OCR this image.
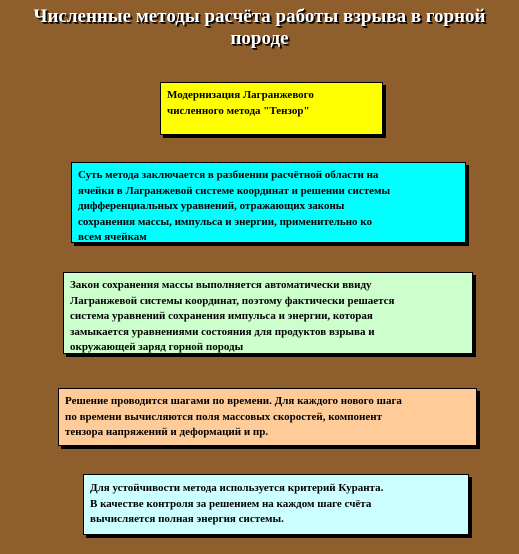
Численные методы расчёта работы взрыва в горной
породе
Модернизация Лагранжевого
численного метода "Тензор"
Суть метода заключается в разбиении расчётной области на
ячейки в Лагранжевой системе координат и решении системы
дифференциальных уравнений, отражающих законы
сохранения массы, импульса и энергии, применительно ко
всем ячейкам
Закон сохранения массы выполняется автоматически ввиду
Лагранжевой системы координат, поэтому фактически решается
система уравнений сохранения импульса и энергии, которая
замыкается уравнениями состояния для продуктов взрыва и
окружающей заряд горной породы
Решение проводится шагами по времени. Для каждого нового шага
по времени вычисляются поля массовых скоростей, компонент
тензора напряжений и деформаций и пр.
Для устойчивости метода используется критерий Куранта.
В качестве контроля за решением на каждом шаге счёта
вычисляется полная энергия системы.
